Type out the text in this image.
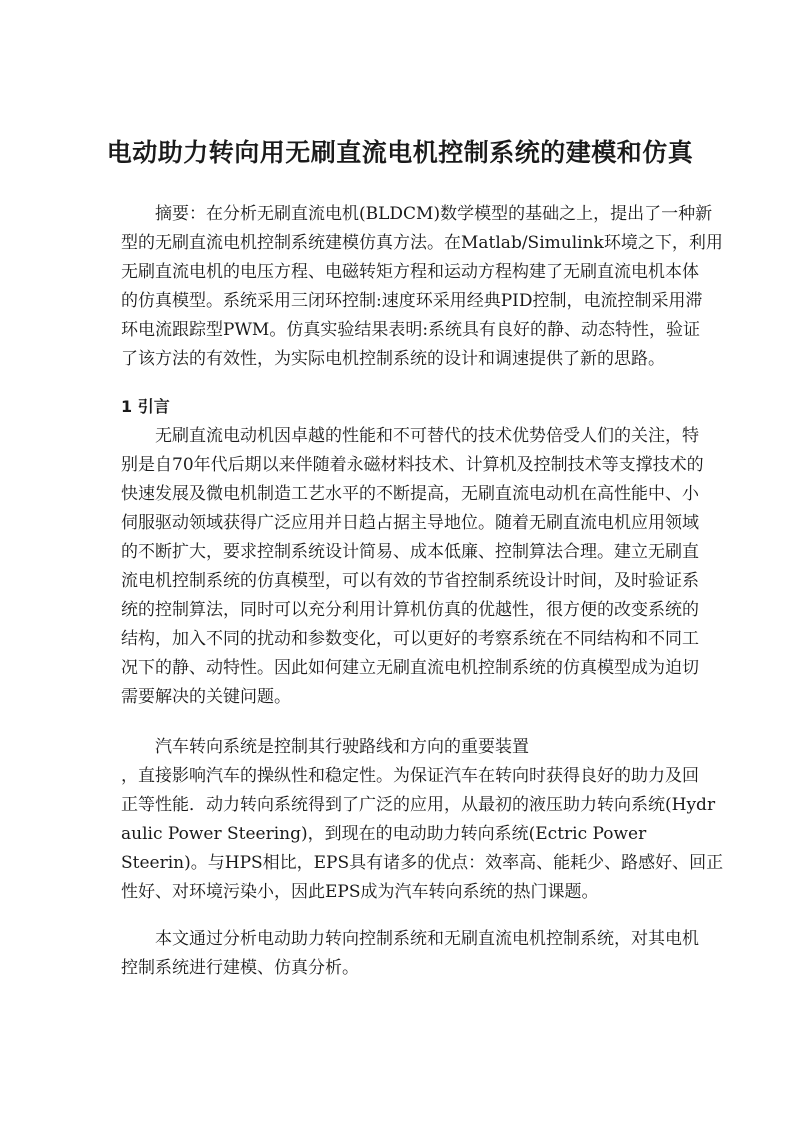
电动助力转向用无刷直流电机控制系统的建模和仿真

摘要：在分析无刷直流电机(BLDCM)数学模型的基础之上，提出了一种新

型的无刷直流电机控制系统建模仿真方法。在Matlab/Simulink环境之下，利用

无刷直流电机的电压方程、电磁转矩方程和运动方程构建了无刷直流电机本体

的仿真模型。系统采用三闭环控制:速度环采用经典PID控制，电流控制采用滞

环电流跟踪型PWM。仿真实验结果表明:系统具有良好的静、动态特性，验证

了该方法的有效性，为实际电机控制系统的设计和调速提供了新的思路。

1 引言

无刷直流电动机因卓越的性能和不可替代的技术优势倍受人们的关注，特

别是自70年代后期以来伴随着永磁材料技术、计算机及控制技术等支撑技术的

快速发展及微电机制造工艺水平的不断提高，无刷直流电动机在高性能中、小

伺服驱动领域获得广泛应用并日趋占据主导地位。随着无刷直流电机应用领域

的不断扩大，要求控制系统设计简易、成本低廉、控制算法合理。建立无刷直

流电机控制系统的仿真模型，可以有效的节省控制系统设计时间，及时验证系

统的控制算法，同时可以充分利用计算机仿真的优越性，很方便的改变系统的

结构，加入不同的扰动和参数变化，可以更好的考察系统在不同结构和不同工

况下的静、动特性。因此如何建立无刷直流电机控制系统的仿真模型成为迫切

需要解决的关键问题。

汽车转向系统是控制其行驶路线和方向的重要装置

，直接影响汽车的操纵性和稳定性。为保证汽车在转向时获得良好的助力及回

正等性能．动力转向系统得到了广泛的应用，从最初的液压助力转向系统(Hydr

aulic Power Steering)，到现在的电动助力转向系统(Ectric Power

Steerin)。与HPS相比，EPS具有诸多的优点：效率高、能耗少、路感好、回正

性好、对环境污染小，因此EPS成为汽车转向系统的热门课题。

本文通过分析电动助力转向控制系统和无刷直流电机控制系统，对其电机

控制系统进行建模、仿真分析。
